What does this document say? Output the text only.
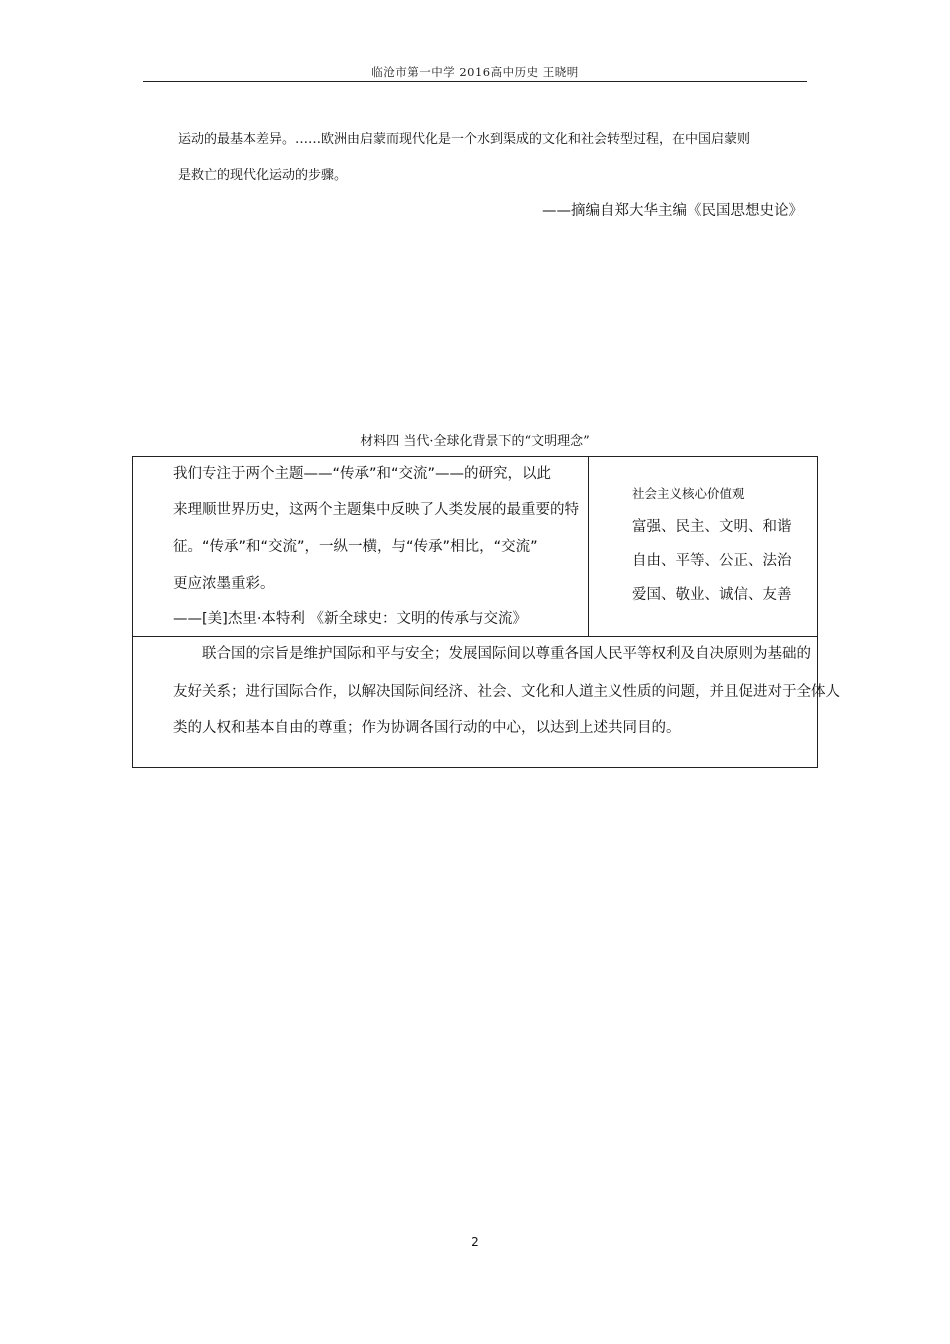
临沧市第一中学 2016高中历史 王晓明
运动的最基本差异。……欧洲由启蒙而现代化是一个水到渠成的文化和社会转型过程，在中国启蒙则
是救亡的现代化运动的步骤。
——摘编自郑大华主编《民国思想史论》
材料四 当代·全球化背景下的“文明理念”
我们专注于两个主题——“传承”和“交流”——的研究，以此
来理顺世界历史，这两个主题集中反映了人类发展的最重要的特
征。“传承”和“交流”，一纵一横，与“传承”相比，“交流”
更应浓墨重彩。
——[美]杰里·本特利 《新全球史：文明的传承与交流》
社会主义核心价值观
富强、民主、文明、和谐
自由、平等、公正、法治
爱国、敬业、诚信、友善
联合国的宗旨是维护国际和平与安全；发展国际间以尊重各国人民平等权利及自决原则为基础的
友好关系；进行国际合作，以解决国际间经济、社会、文化和人道主义性质的问题，并且促进对于全体人
类的人权和基本自由的尊重；作为协调各国行动的中心，以达到上述共同目的。
2
